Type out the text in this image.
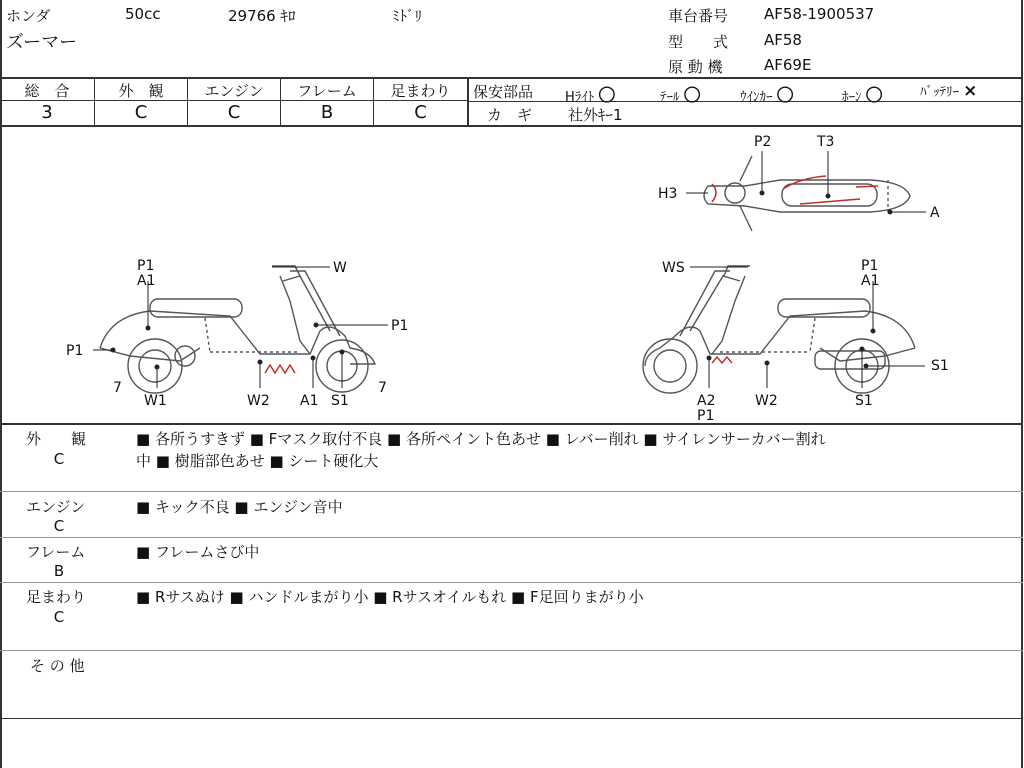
ホンダ	50cc	29766 ｷﾛ	ﾐﾄﾞﾘ
ズーマー
車台番号 AF58-1900537
型　　式 AF58
原 動 機	AF69E
総　合	外　観	エンジン	フレーム	足まわり
3	C	C	B	C
保安部品 Hﾗｲﾄ 〇	ﾃｰﾙ 〇	ｳｲﾝｶｰ 〇	ﾎｰﾝ 〇	ﾊﾞｯﾃﾘｰ ×
カ　ギ 社外ｷｰ1
P2	T3
H3
A
P1
A1
W
P1
P1
7
W1	W2 A1 S1
7
WS	P1
A1
S1
A2
P1
W2	S1
外　　観
C
■ 各所うすきず ■ Fマスク取付不良 ■ 各所ペイント色あせ ■ レバー削れ ■ サイレンサーカバー割れ
中 ■ 樹脂部色あせ ■ シート硬化大
エンジン
C
■ キック不良 ■ エンジン音中
フレーム
B
■ フレームさび中
足まわり
C
■ Rサスぬけ ■ ハンドルまがり小 ■ Rサスオイルもれ ■ F足回りまがり小
そ の 他
